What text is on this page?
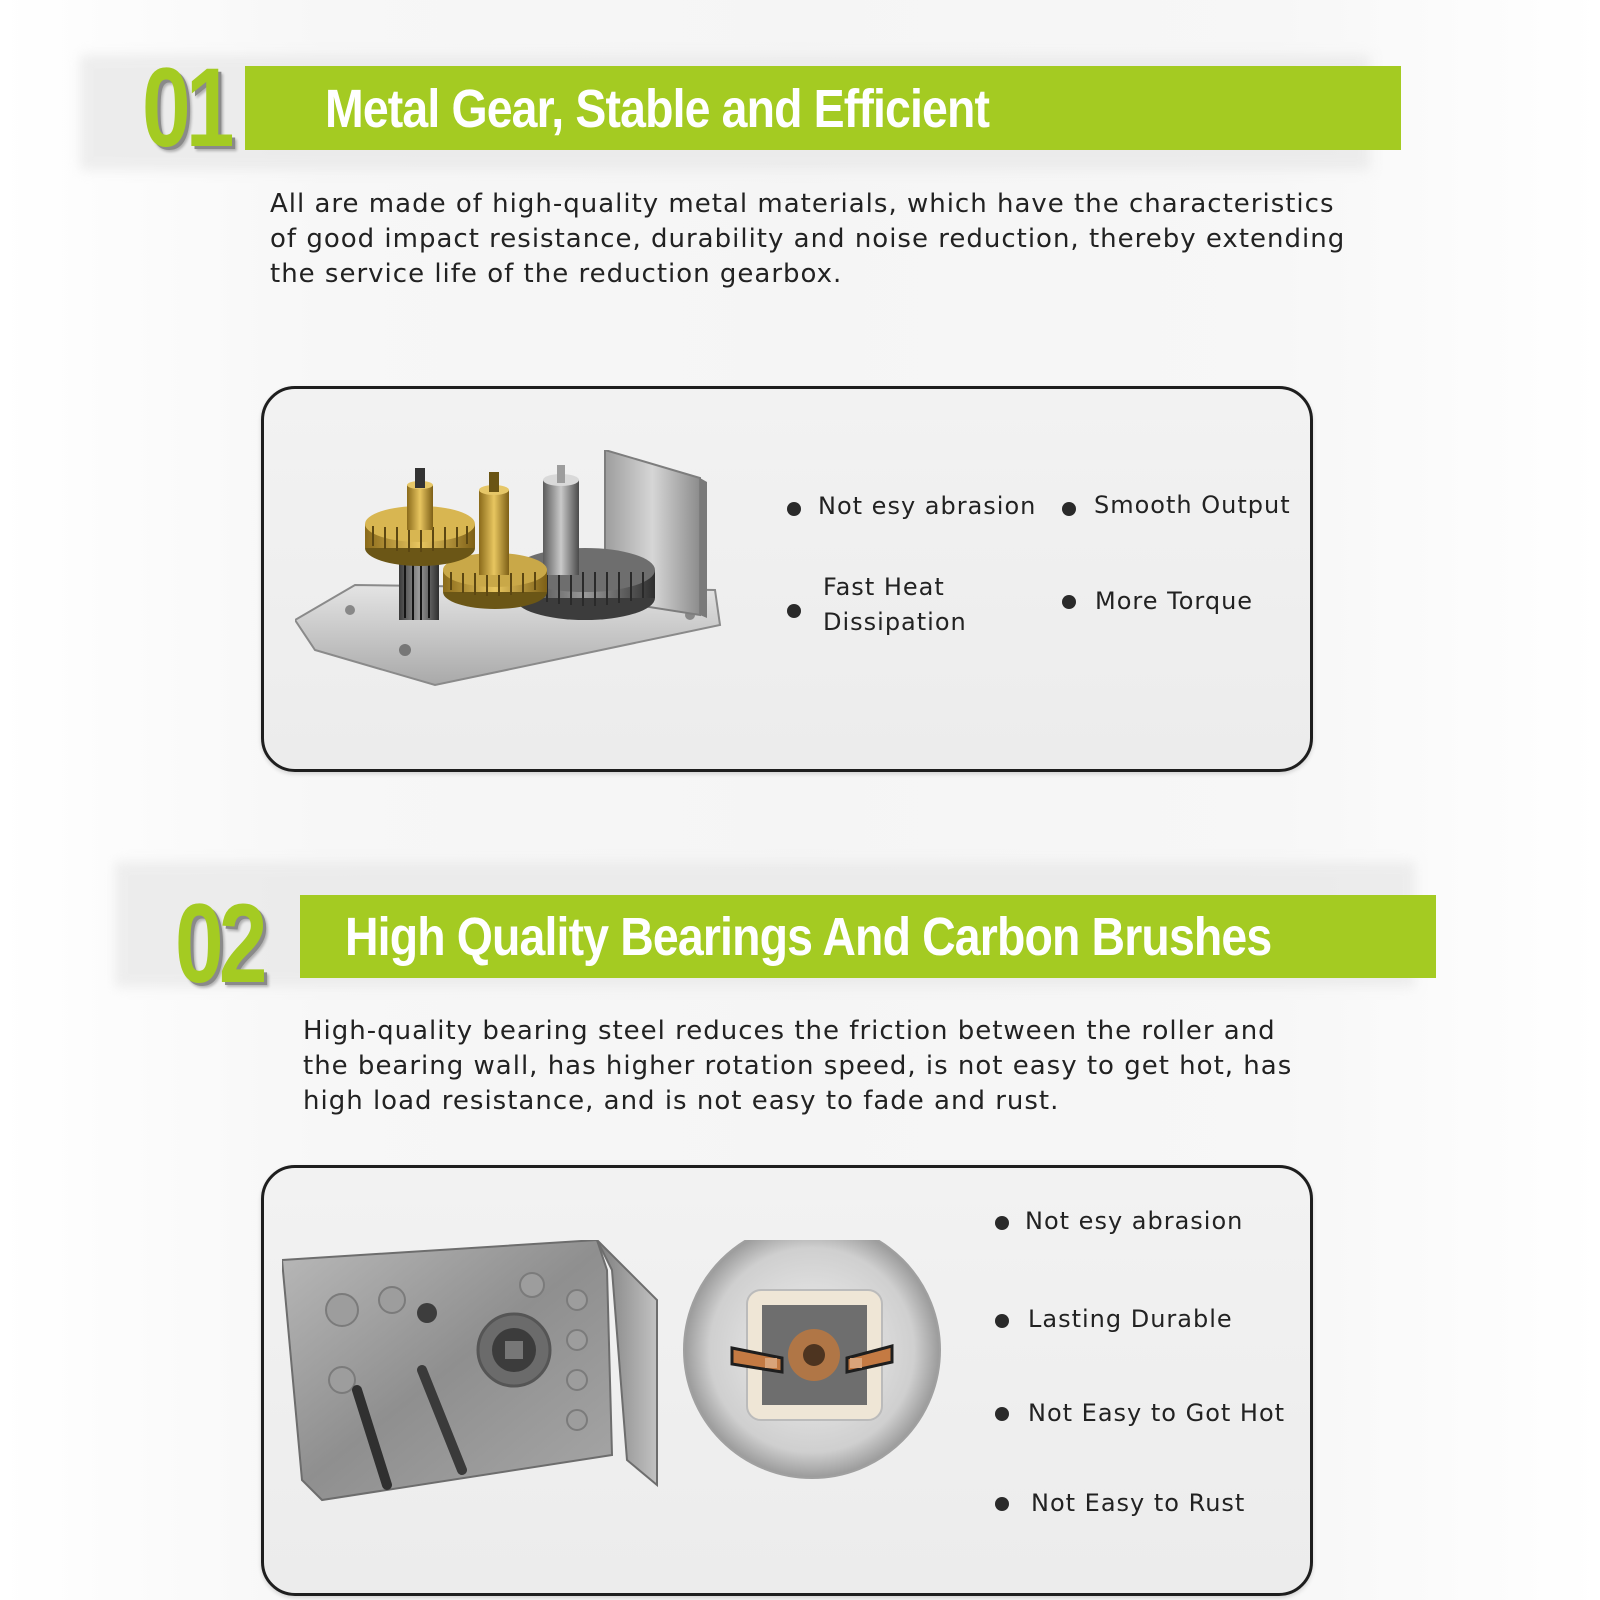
01 Metal Gear, Stable and Efficient
All are made of high-quality metal materials, which have the characteristics
of good impact resistance, durability and noise reduction, thereby extending
the service life of the reduction gearbox.
Not esy abrasion Smooth Output
Fast Heat
Dissipation
More Torque
02 High Quality Bearings And Carbon Brushes
High-quality bearing steel reduces the friction between the roller and
the bearing wall, has higher rotation speed, is not easy to get hot, has
high load resistance, and is not easy to fade and rust.
Not esy abrasion
Lasting Durable
Not Easy to Got Hot
Not Easy to Rust
